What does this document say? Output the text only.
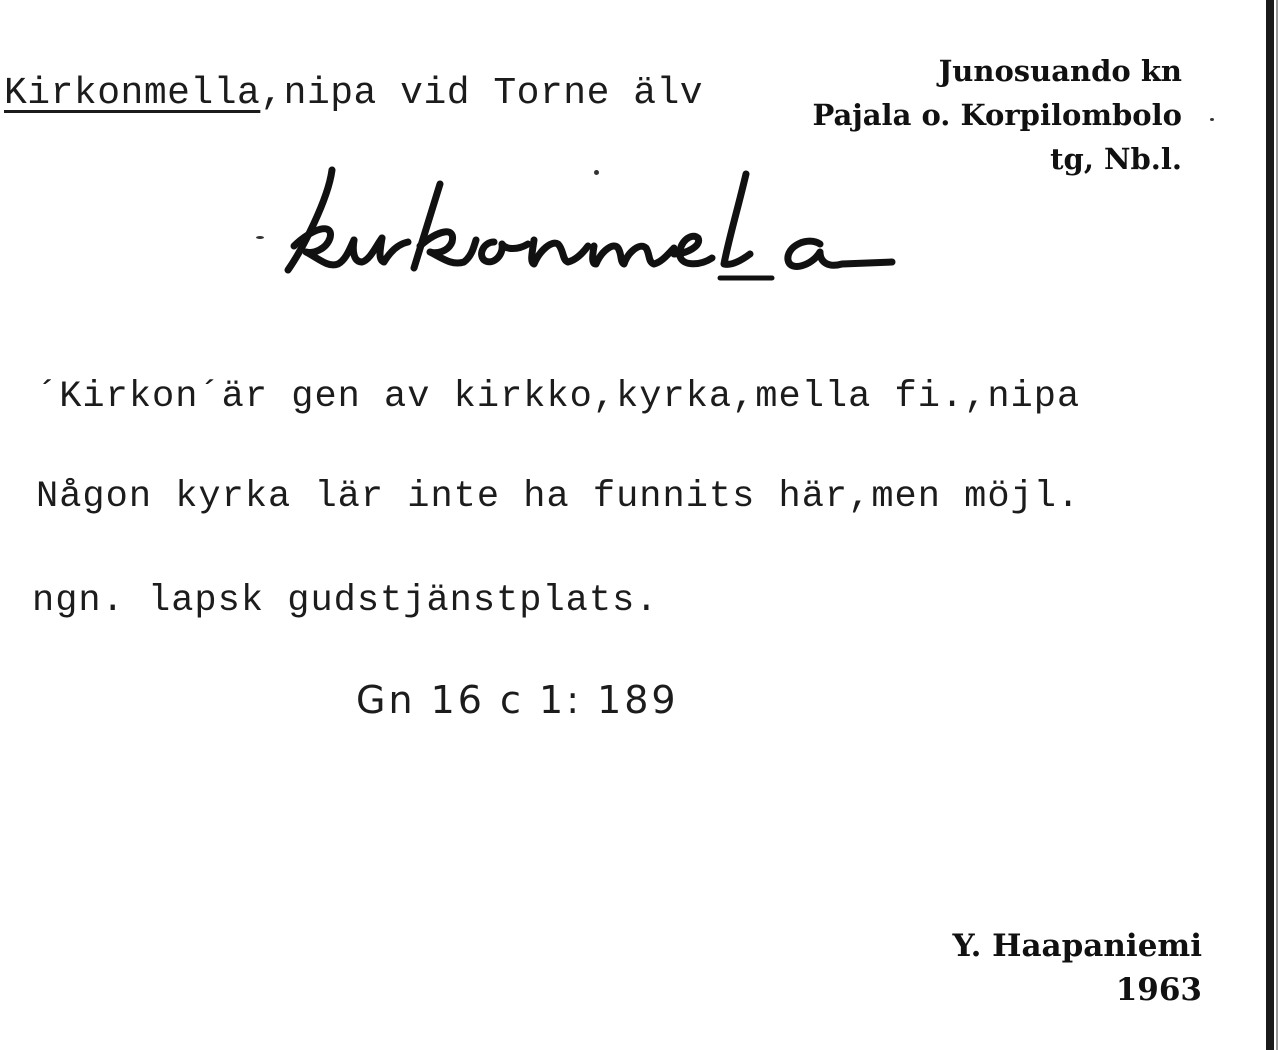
Kirkonmella,nipa vid Torne älv
Junosuando kn
Pajala o. Korpilombolo
tg, Nb.l.
´Kirkon´är gen av kirkko,kyrka,mella fi.,nipa
Någon kyrka lär inte ha funnits här,men möjl.
ngn. lapsk gudstjänstplats.
Gn 16 c 1: 189
Y. Haapaniemi
1963
